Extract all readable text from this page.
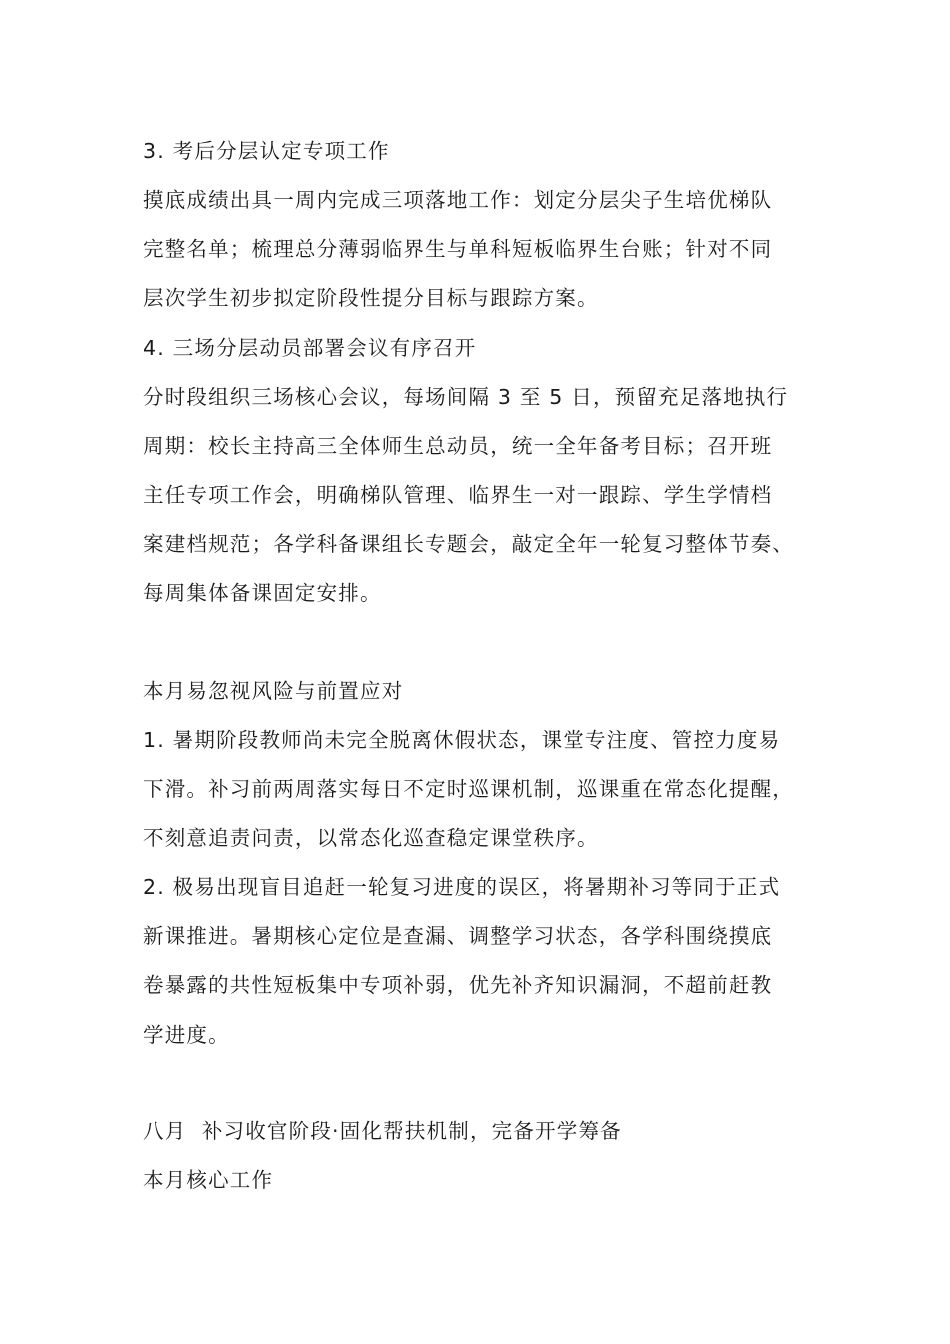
3. 考后分层认定专项工作
摸底成绩出具一周内完成三项落地工作：划定分层尖子生培优梯队
完整名单；梳理总分薄弱临界生与单科短板临界生台账；针对不同
层次学生初步拟定阶段性提分目标与跟踪方案。
4. 三场分层动员部署会议有序召开
分时段组织三场核心会议，每场间隔 3 至 5 日，预留充足落地执行
周期：校长主持高三全体师生总动员，统一全年备考目标；召开班
主任专项工作会，明确梯队管理、临界生一对一跟踪、学生学情档
案建档规范；各学科备课组长专题会，敲定全年一轮复习整体节奏、
每周集体备课固定安排。
本月易忽视风险与前置应对
1. 暑期阶段教师尚未完全脱离休假状态，课堂专注度、管控力度易
下滑。补习前两周落实每日不定时巡课机制，巡课重在常态化提醒，
不刻意追责问责，以常态化巡查稳定课堂秩序。
2. 极易出现盲目追赶一轮复习进度的误区，将暑期补习等同于正式
新课推进。暑期核心定位是查漏、调整学习状态，各学科围绕摸底
卷暴露的共性短板集中专项补弱，优先补齐知识漏洞，不超前赶教
学进度。
八月  补习收官阶段·固化帮扶机制，完备开学筹备
本月核心工作
